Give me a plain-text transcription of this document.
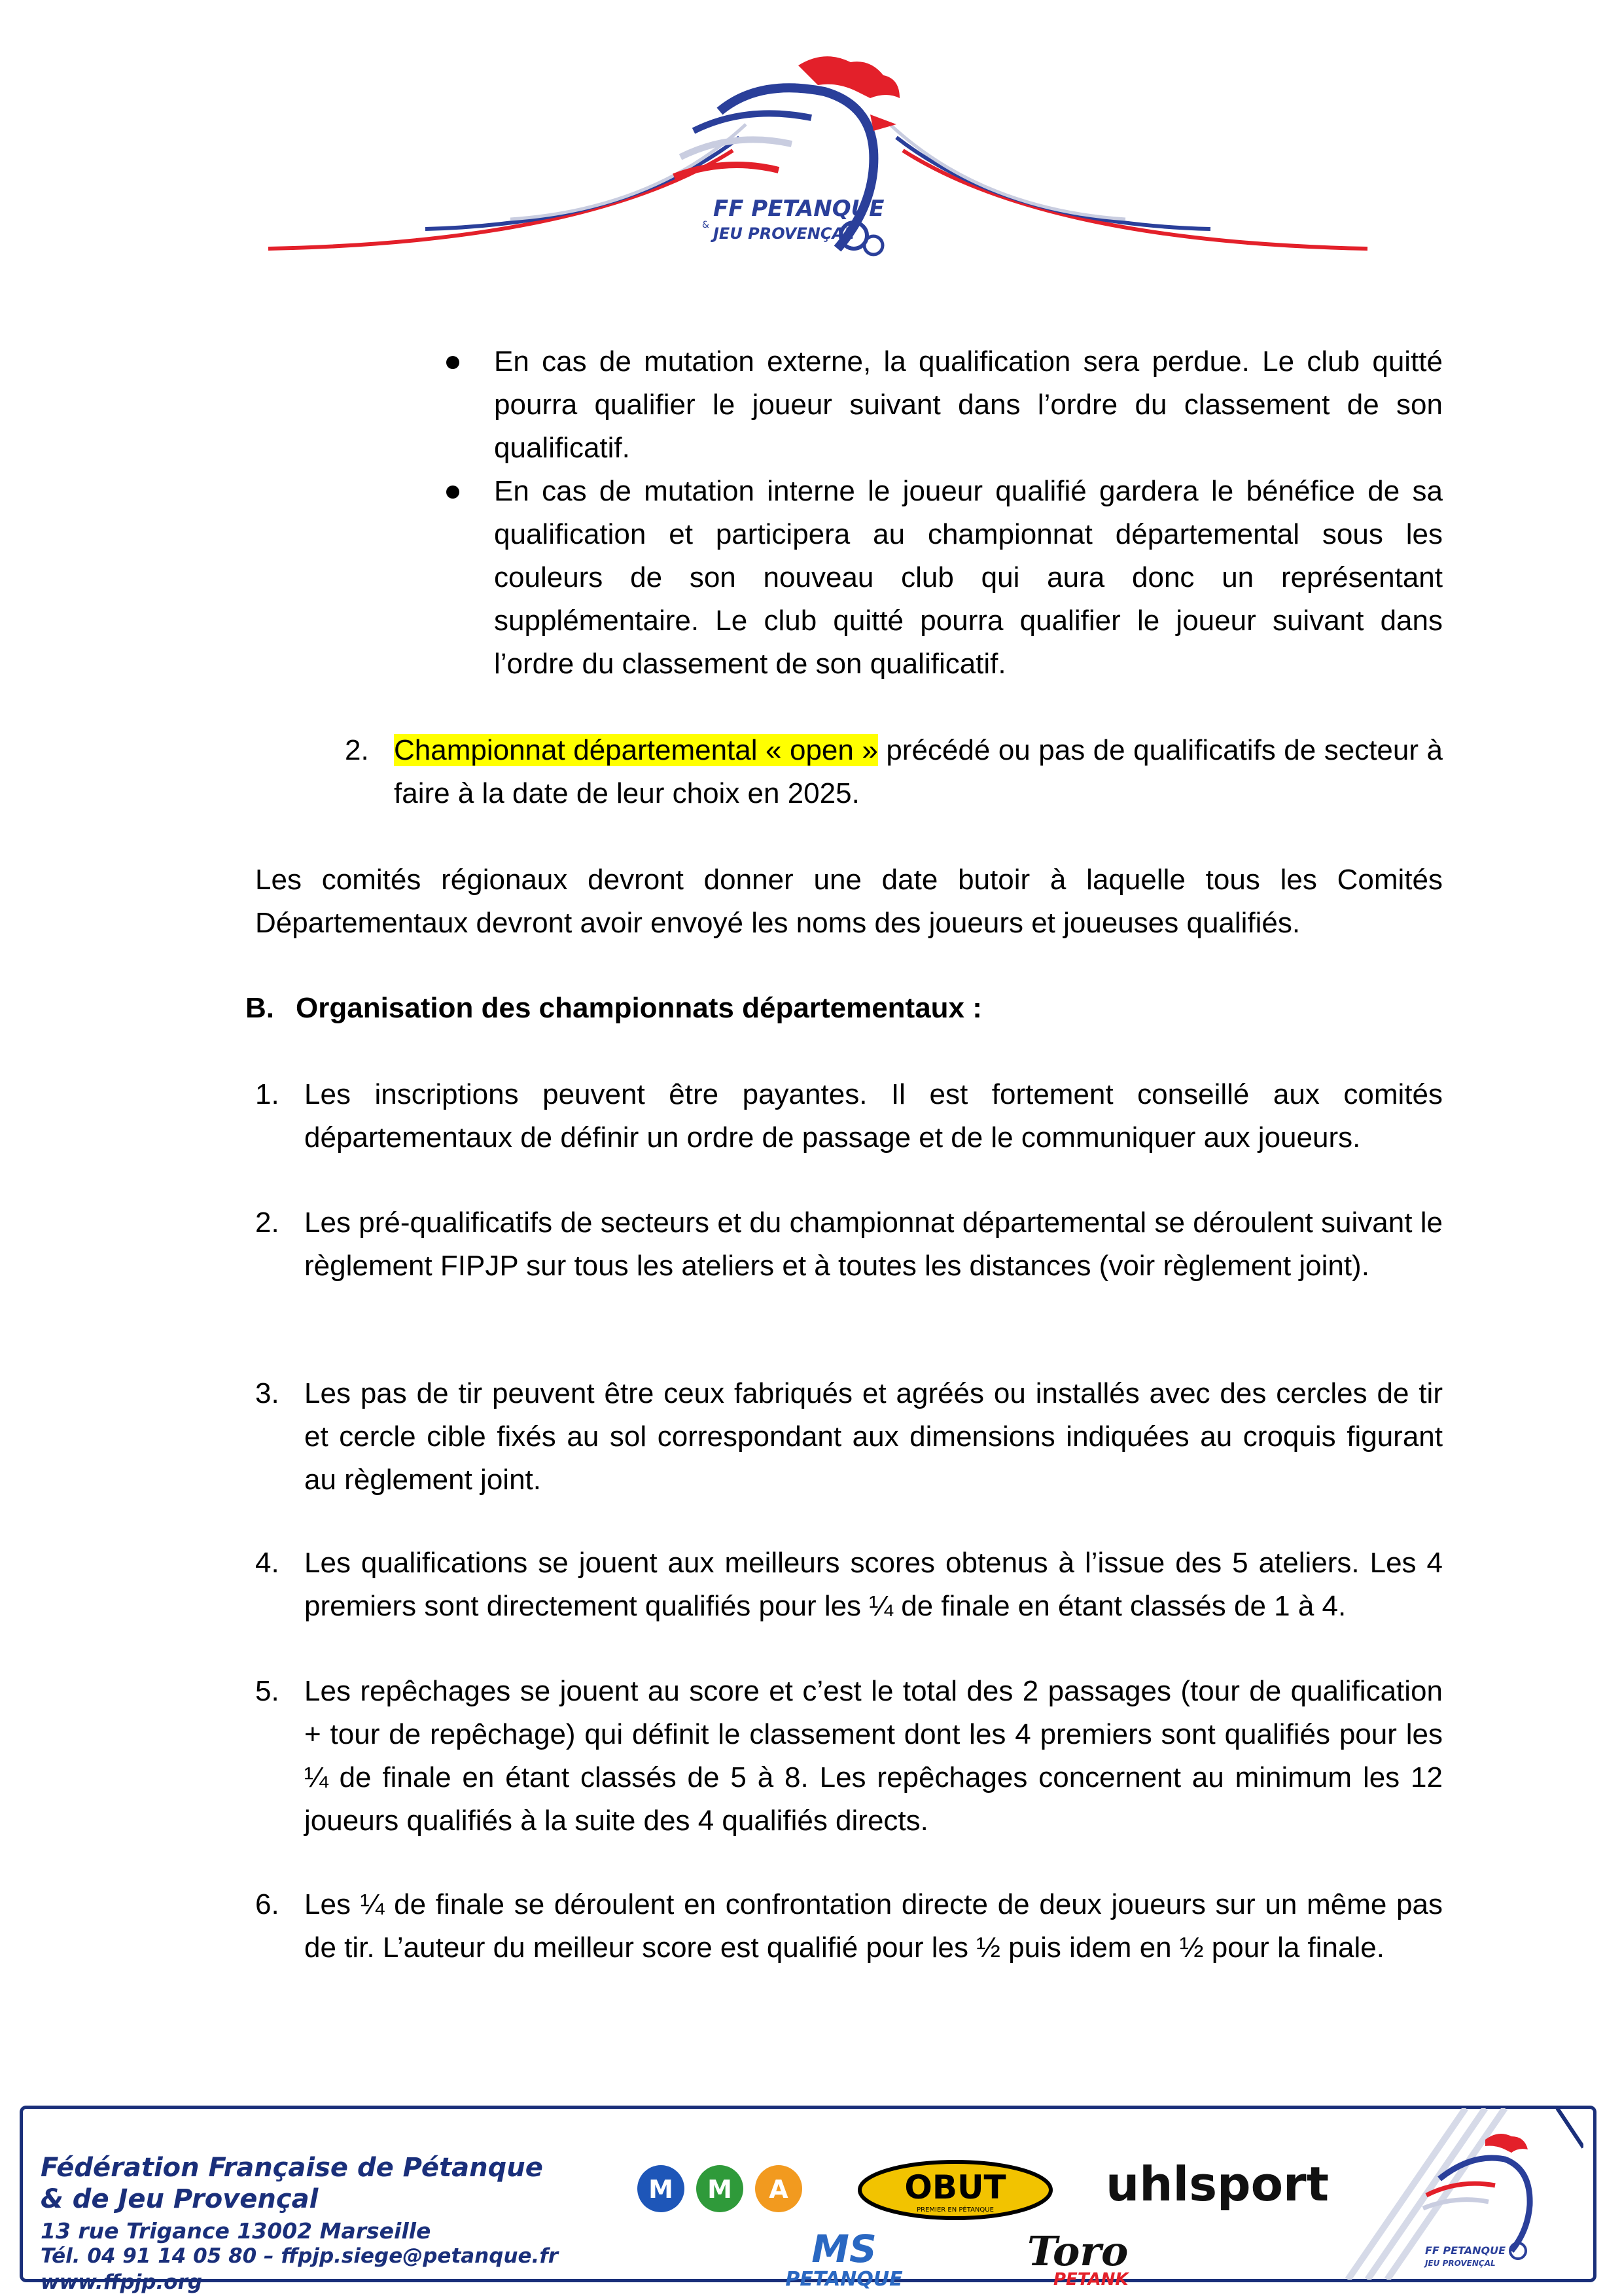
FF PETANQUE
& JEU PROVENÇAL
En cas de mutation externe, la qualification sera perdue. Le club quitté pourra qualifier le joueur suivant dans l’ordre du classement de son qualificatif.
En cas de mutation interne le joueur qualifié gardera le bénéfice de sa qualification et participera au championnat départemental sous les couleurs de son nouveau club qui aura donc un représentant supplémentaire. Le club quitté pourra qualifier le joueur suivant dans l’ordre du classement de son qualificatif.
2. Championnat départemental « open » précédé ou pas de qualificatifs de secteur à faire à la date de leur choix en 2025.
Les comités régionaux devront donner une date butoir à laquelle tous les Comités Départementaux devront avoir envoyé les noms des joueurs et joueuses qualifiés.
B. Organisation des championnats départementaux :
1. Les inscriptions peuvent être payantes. Il est fortement conseillé aux comités départementaux de définir un ordre de passage et de le communiquer aux joueurs.
2. Les pré-qualificatifs de secteurs et du championnat départemental se déroulent suivant le règlement FIPJP sur tous les ateliers et à toutes les distances (voir règlement joint).
3. Les pas de tir peuvent être ceux fabriqués et agréés ou installés avec des cercles de tir et cercle cible fixés au sol correspondant aux dimensions indiquées au croquis figurant au règlement joint.
4. Les qualifications se jouent aux meilleurs scores obtenus à l’issue des 5 ateliers. Les 4 premiers sont directement qualifiés pour les ¼ de finale en étant classés de 1 à 4.
5. Les repêchages se jouent au score et c’est le total des 2 passages (tour de qualification + tour de repêchage) qui définit le classement dont les 4 premiers sont qualifiés pour les ¼ de finale en étant classés de 5 à 8. Les repêchages concernent au minimum les 12 joueurs qualifiés à la suite des 4 qualifiés directs.
6. Les ¼ de finale se déroulent en confrontation directe de deux joueurs sur un même pas de tir. L’auteur du meilleur score est qualifié pour les ½ puis idem en ½ pour la finale.
Fédération Française de Pétanque
& de Jeu Provençal
13 rue Trigance 13002 Marseille
Tél. 04 91 14 05 80 – ffpjp.siege@petanque.fr
www.ffpjp.org
M M A	OBUT
PREMIER EN PÉTANQUE uhlsport
MS
PETANQUE
Toro
PETANK
FF PETANQUE
JEU PROVENÇAL
